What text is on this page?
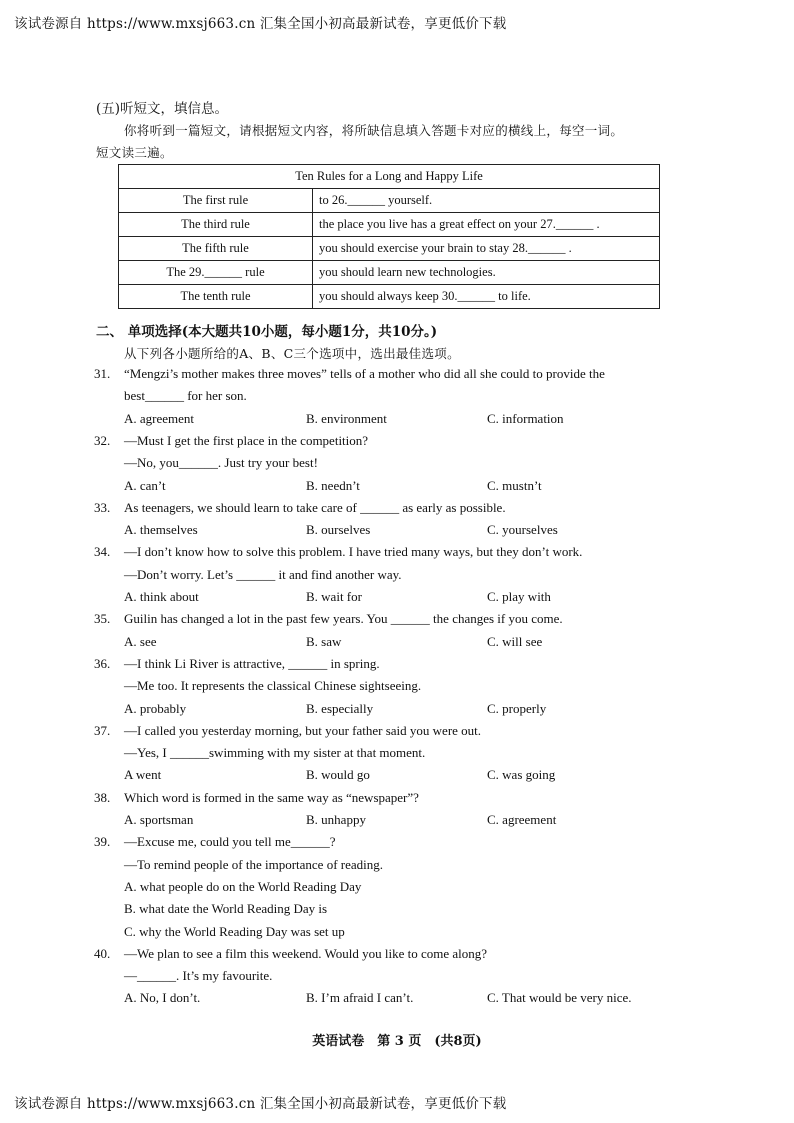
该试卷源自 https://www.mxsj663.cn 汇集全国小初高最新试卷，享更低价下载
(五)听短文，填信息。
你将听到一篇短文，请根据短文内容，将所缺信息填入答题卡对应的横线上，每空一词。
短文读三遍。
Ten Rules for a Long and Happy Life	
The first rule	to 26.______ yourself.
The third rule	the place you live has a great effect on your 27.______ .
The fifth rule	you should exercise your brain to stay 28.______ .
The 29.______ rule	you should learn new technologies.
The tenth rule	you should always keep 30.______ to life.
二、 单项选择(本大题共10小题，每小题1分，共10分。)
从下列各小题所给的A、B、C三个选项中，选出最佳选项。
31. “Mengzi’s mother makes three moves” tells of a mother who did all she could to provide the
best______ for her son.
A. agreement	B. environment	C. information
32. —Must I get the first place in the competition?
—No, you______. Just try your best!
A. can’t	B. needn’t	C. mustn’t
33. As teenagers, we should learn to take care of ______ as early as possible.
A. themselves	B. ourselves	C. yourselves
34. —I don’t know how to solve this problem. I have tried many ways, but they don’t work.
—Don’t worry. Let’s ______ it and find another way.
A. think about	B. wait for	C. play with
35. Guilin has changed a lot in the past few years. You ______ the changes if you come.
A. see	B. saw	C. will see
36. —I think Li River is attractive, ______ in spring.
—Me too. It represents the classical Chinese sightseeing.
A. probably	B. especially	C. properly
37. —I called you yesterday morning, but your father said you were out.
—Yes, I ______swimming with my sister at that moment.
A went	B. would go	C. was going
38. Which word is formed in the same way as “newspaper”?
A. sportsman	B. unhappy	C. agreement
39. —Excuse me, could you tell me______?
—To remind people of the importance of reading.
A. what people do on the World Reading Day
B. what date the World Reading Day is
C. why the World Reading Day was set up
40. —We plan to see a film this weekend. Would you like to come along?
—______. It’s my favourite.
A. No, I don’t.	B. I’m afraid I can’t.	C. That would be very nice.
英语试卷　第 3 页　(共8页)
该试卷源自 https://www.mxsj663.cn 汇集全国小初高最新试卷，享更低价下载
